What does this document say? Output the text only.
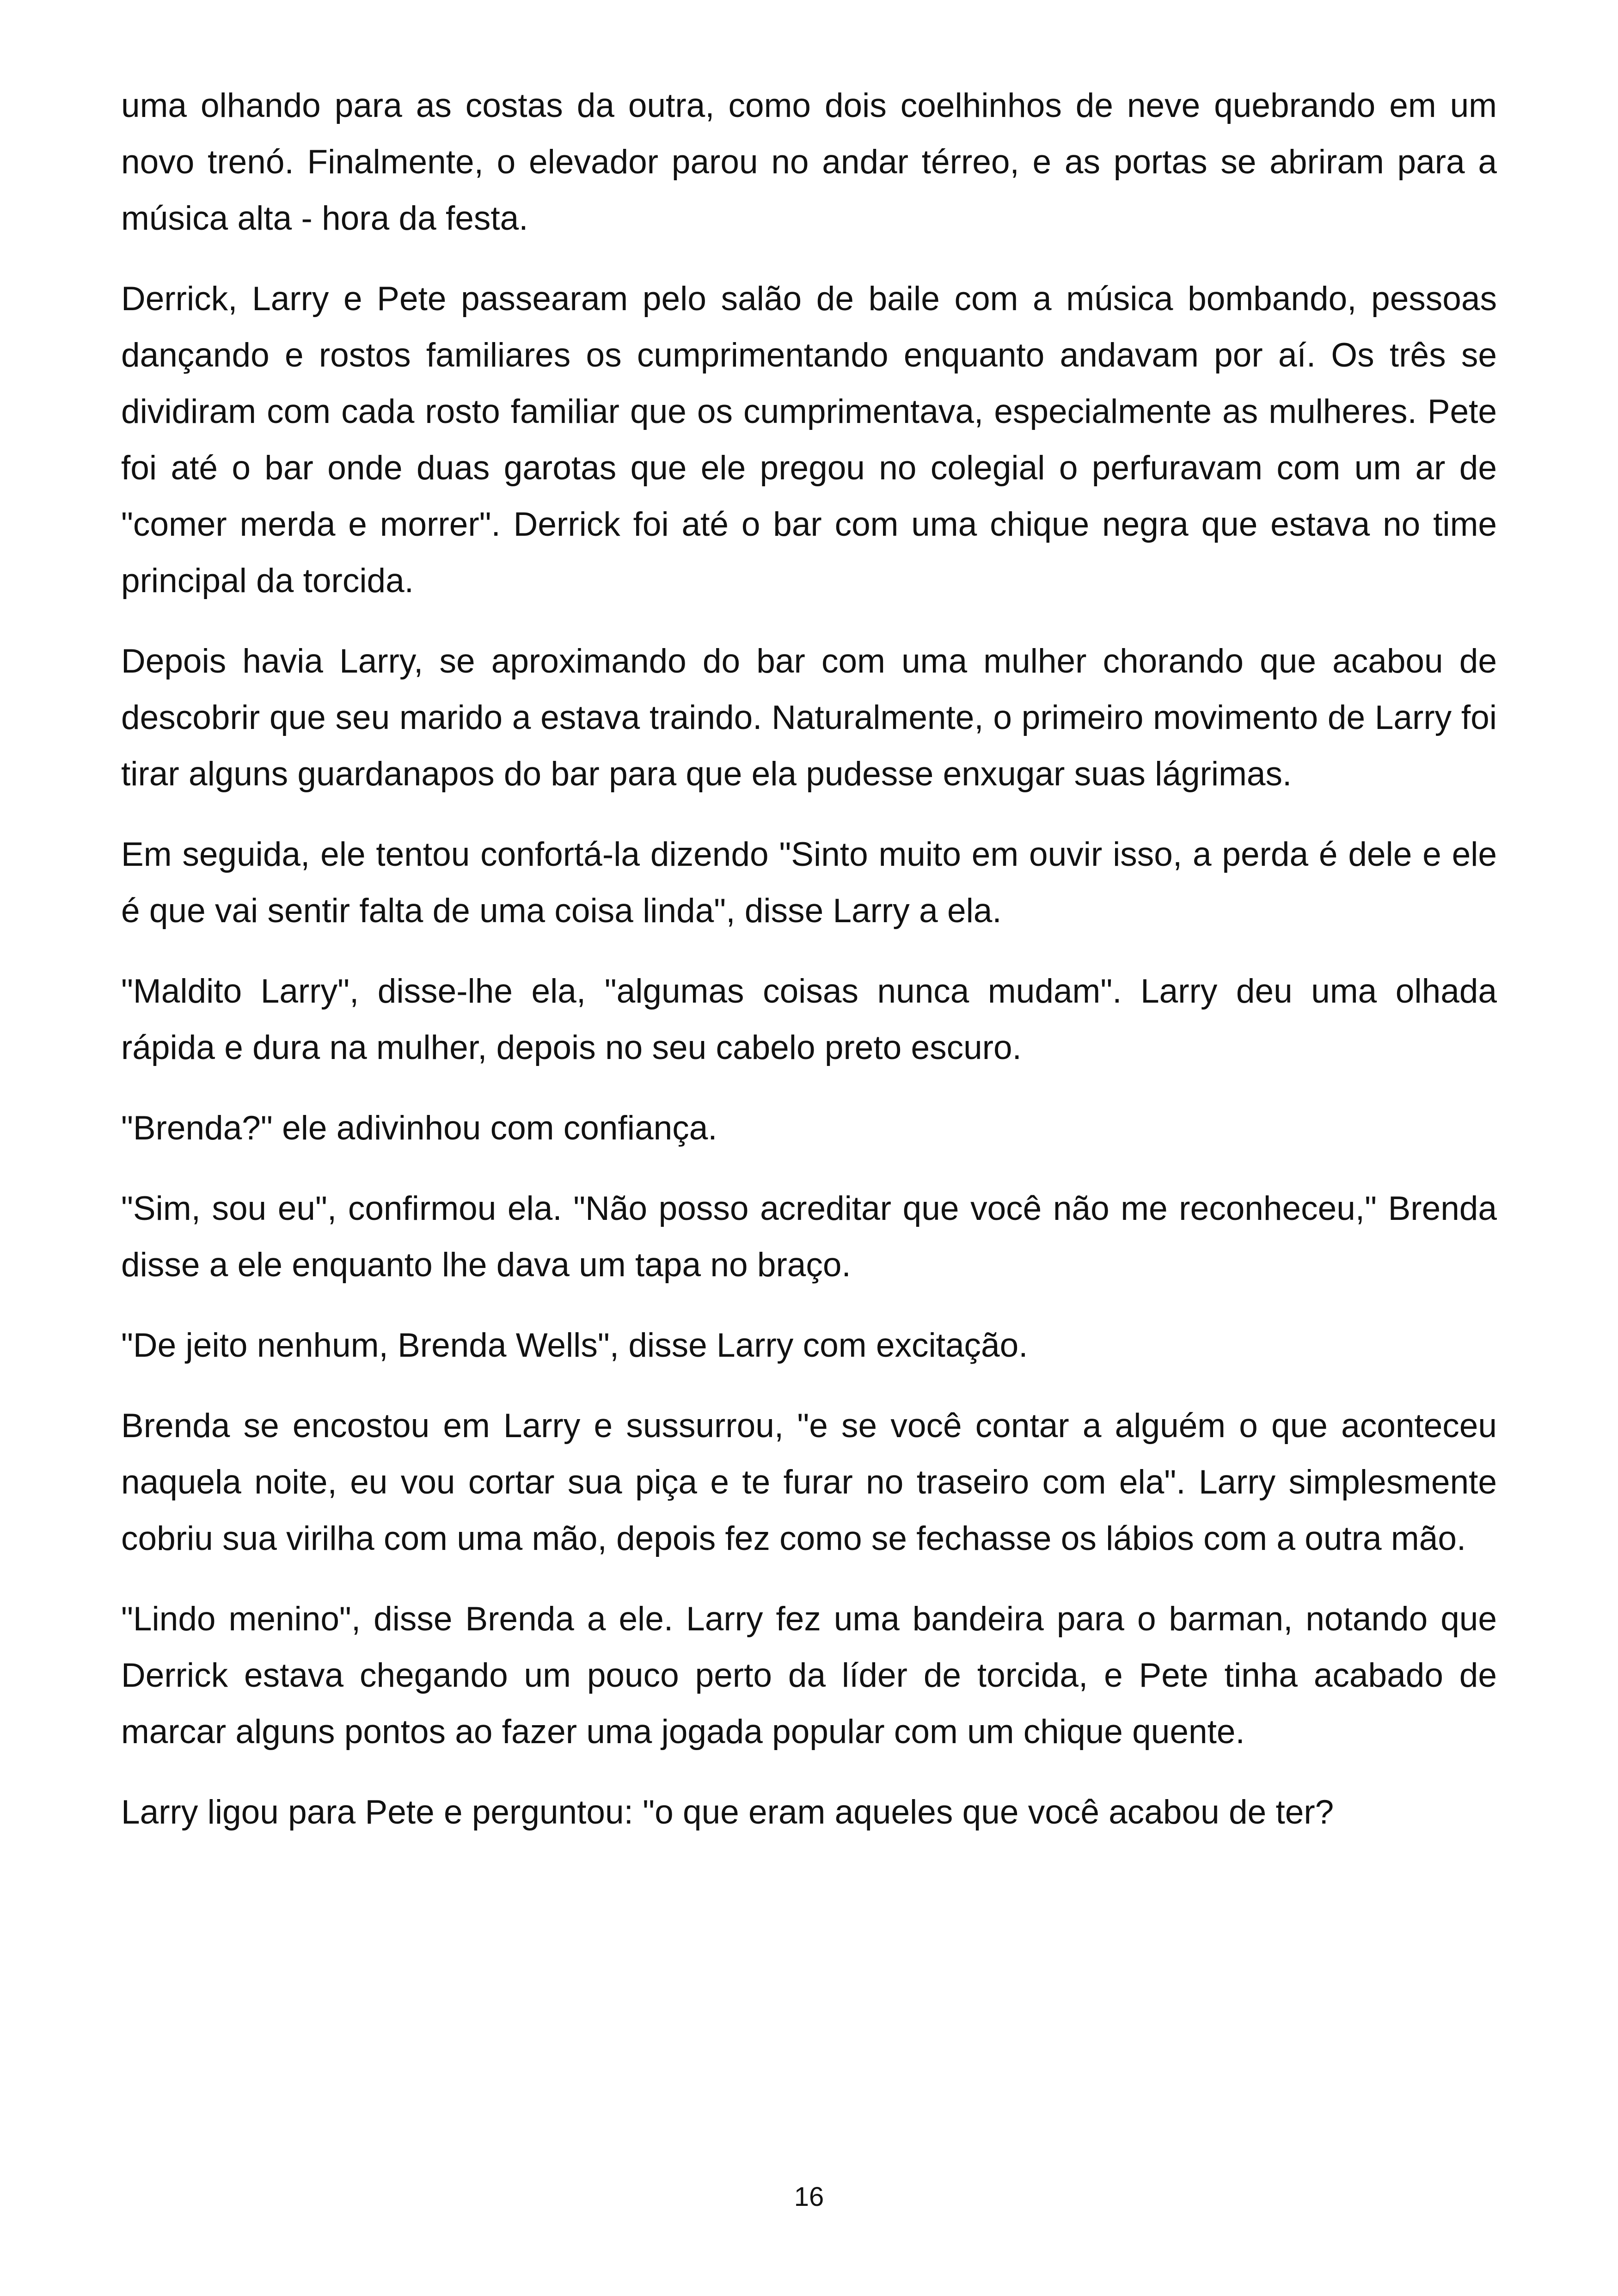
uma olhando para as costas da outra, como dois coelhinhos de neve quebrando em um novo trenó. Finalmente, o elevador parou no andar térreo, e as portas se abriram para a música alta - hora da festa.

Derrick, Larry e Pete passearam pelo salão de baile com a música bombando, pessoas dançando e rostos familiares os cumprimentando enquanto andavam por aí. Os três se dividiram com cada rosto familiar que os cumprimentava, especialmente as mulheres. Pete foi até o bar onde duas garotas que ele pregou no colegial o perfuravam com um ar de "comer merda e morrer". Derrick foi até o bar com uma chique negra que estava no time principal da torcida.

Depois havia Larry, se aproximando do bar com uma mulher chorando que acabou de descobrir que seu marido a estava traindo. Naturalmente, o primeiro movimento de Larry foi tirar alguns guardanapos do bar para que ela pudesse enxugar suas lágrimas.

Em seguida, ele tentou confortá-la dizendo "Sinto muito em ouvir isso, a perda é dele e ele é que vai sentir falta de uma coisa linda", disse Larry a ela.

"Maldito Larry", disse-lhe ela, "algumas coisas nunca mudam". Larry deu uma olhada rápida e dura na mulher, depois no seu cabelo preto escuro.

"Brenda?" ele adivinhou com confiança.

"Sim, sou eu", confirmou ela. "Não posso acreditar que você não me reconheceu," Brenda disse a ele enquanto lhe dava um tapa no braço.

"De jeito nenhum, Brenda Wells", disse Larry com excitação.

Brenda se encostou em Larry e sussurrou, "e se você contar a alguém o que aconteceu naquela noite, eu vou cortar sua piça e te furar no traseiro com ela". Larry simplesmente cobriu sua virilha com uma mão, depois fez como se fechasse os lábios com a outra mão.

"Lindo menino", disse Brenda a ele. Larry fez uma bandeira para o barman, notando que Derrick estava chegando um pouco perto da líder de torcida, e Pete tinha acabado de marcar alguns pontos ao fazer uma jogada popular com um chique quente.

Larry ligou para Pete e perguntou: "o que eram aqueles que você acabou de ter?

16
